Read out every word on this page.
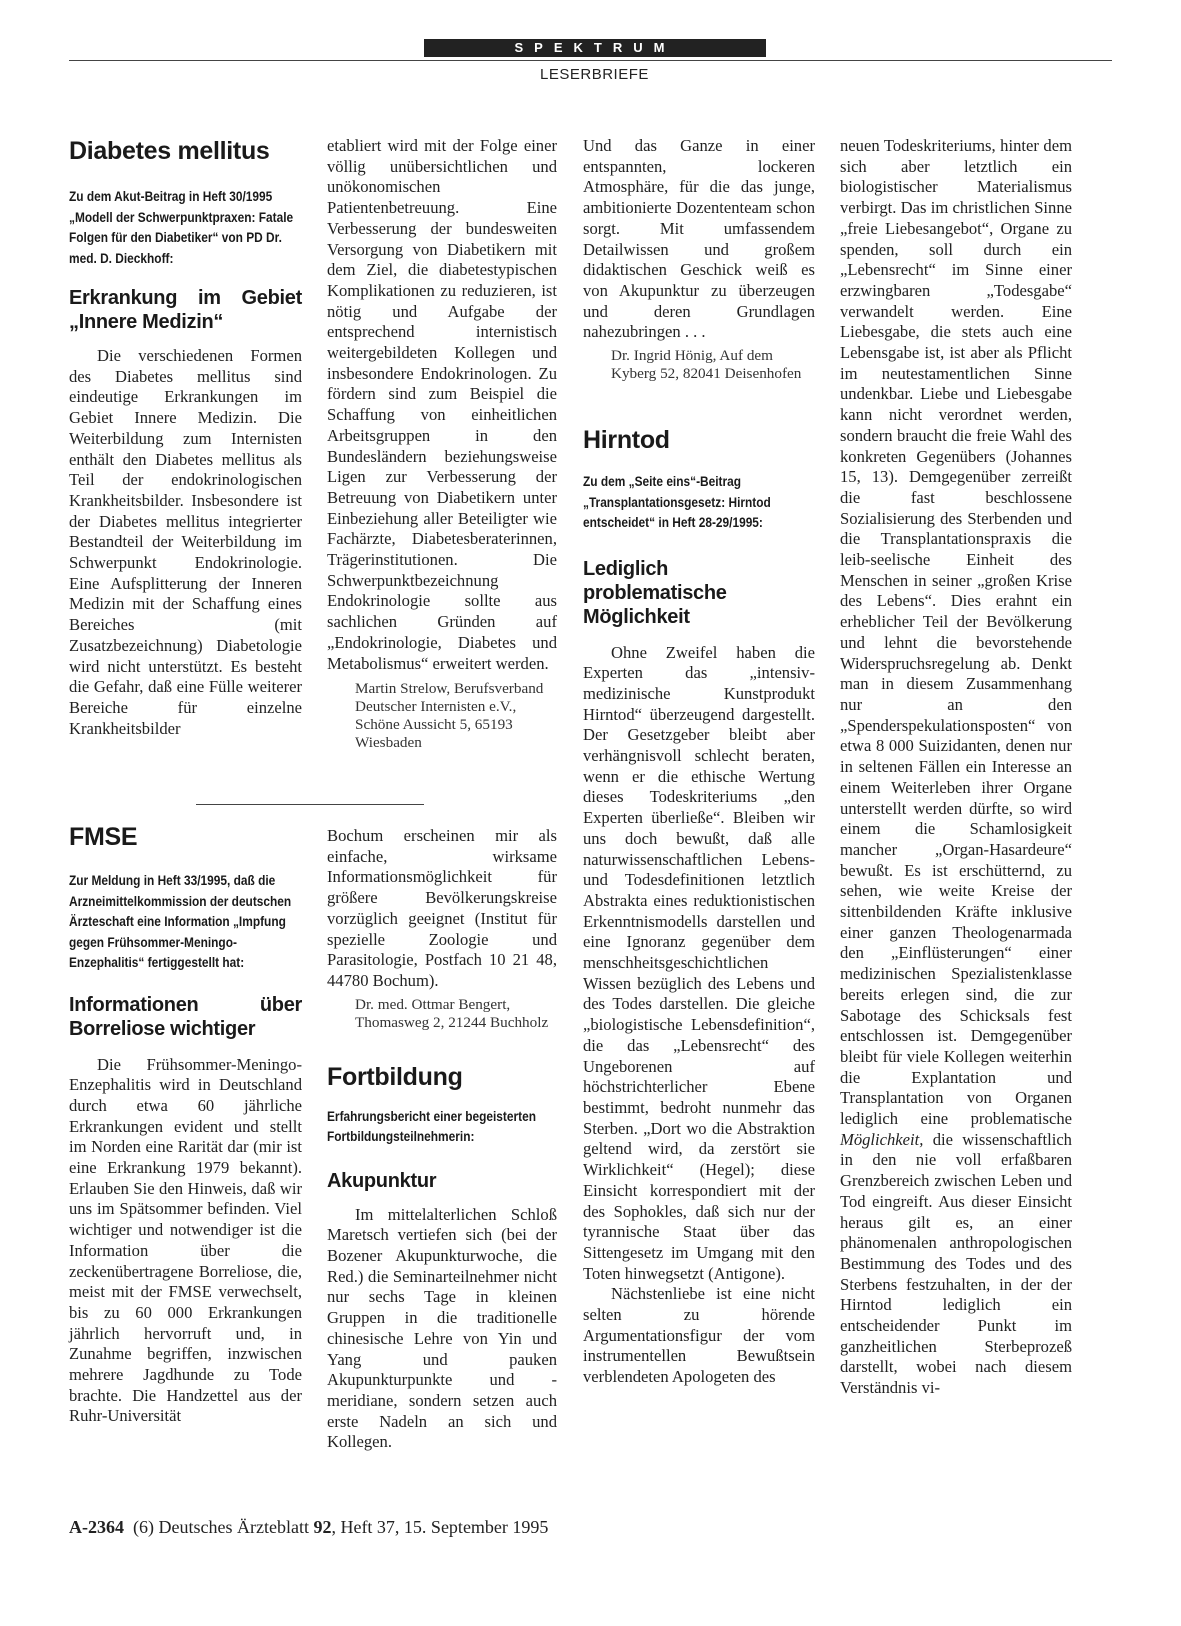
SPEKTRUM
LESERBRIEFE
Diabetes mellitus
Zu dem Akut-Beitrag in Heft 30/1995 „Modell der Schwerpunktpraxen: Fatale Folgen für den Diabetiker“ von PD Dr. med. D. Dieckhoff:
Erkrankung im Gebiet „Innere Medizin“

Die verschiedenen Formen des Diabetes mellitus sind eindeutige Erkrankungen im Gebiet Innere Medizin. Die Weiterbildung zum Internisten enthält den Diabetes mellitus als Teil der endokrinologischen Krankheitsbilder. Insbesondere ist der Diabetes mellitus integrierter Bestandteil der Weiterbildung im Schwerpunkt Endokrinologie. Eine Aufsplitterung der Inneren Medizin mit der Schaffung eines Bereiches (mit Zusatzbezeichnung) Diabetologie wird nicht unterstützt. Es besteht die Gefahr, daß eine Fülle weiterer Bereiche für einzelne Krankheitsbilder

FMSE
Zur Meldung in Heft 33/1995, daß die Arzneimittelkommission der deutschen Ärzteschaft eine Information „Impfung gegen Frühsommer-Meningo-Enzephalitis“ fertiggestellt hat:
Informationen über Borreliose wichtiger

Die Frühsommer-Meningo-Enzephalitis wird in Deutschland durch etwa 60 jährliche Erkrankungen evident und stellt im Norden eine Rarität dar (mir ist eine Erkrankung 1979 bekannt). Erlauben Sie den Hinweis, daß wir uns im Spätsommer befinden. Viel wichtiger und notwendiger ist die Information über die zeckenübertragene Borreliose, die, meist mit der FMSE verwechselt, bis zu 60 000 Erkrankungen jährlich hervorruft und, in Zunahme begriffen, inzwischen mehrere Jagdhunde zu Tode brachte. Die Handzettel aus der Ruhr-Universität

etabliert wird mit der Folge einer völlig unübersichtlichen und unökonomischen Patientenbetreuung. Eine Verbesserung der bundesweiten Versorgung von Diabetikern mit dem Ziel, die diabetestypischen Komplikationen zu reduzieren, ist nötig und Aufgabe der entsprechend internistisch weitergebildeten Kollegen und insbesondere Endokrinologen. Zu fördern sind zum Beispiel die Schaffung von einheitlichen Arbeitsgruppen in den Bundesländern beziehungsweise Ligen zur Verbesserung der Betreuung von Diabetikern unter Einbeziehung aller Beteiligter wie Fachärzte, Diabetesberaterinnen, Trägerinstitutionen. Die Schwerpunktbezeichnung Endokrinologie sollte aus sachlichen Gründen auf „Endokrinologie, Diabetes und Metabolismus“ erweitert werden.

Martin Strelow, Berufsverband Deutscher Internisten e.V., Schöne Aussicht 5, 65193 Wiesbaden

Bochum erscheinen mir als einfache, wirksame Informationsmöglichkeit für größere Bevölkerungskreise vorzüglich geeignet (Institut für spezielle Zoologie und Parasitologie, Postfach 10 21 48, 44780 Bochum).

Dr. med. Ottmar Bengert, Thomasweg 2, 21244 Buchholz
Fortbildung
Erfahrungsbericht einer begeisterten Fortbildungsteilnehmerin:
Akupunktur

Im mittelalterlichen Schloß Maretsch vertiefen sich (bei der Bozener Akupunkturwoche, die Red.) die Seminarteilnehmer nicht nur sechs Tage in kleinen Gruppen in die traditionelle chinesische Lehre von Yin und Yang und pauken Akupunkturpunkte und -meridiane, sondern setzen auch erste Nadeln an sich und Kollegen.

Und das Ganze in einer entspannten, lockeren Atmosphäre, für die das junge, ambitionierte Dozententeam schon sorgt. Mit umfassendem Detailwissen und großem didaktischen Geschick weiß es von Akupunktur zu überzeugen und deren Grundlagen nahezubringen . . .

Dr. Ingrid Hönig, Auf dem Kyberg 52, 82041 Deisenhofen
Hirntod
Zu dem „Seite eins“-Beitrag „Transplantationsgesetz: Hirntod entscheidet“ in Heft 28-29/1995:
Lediglich problematische Möglichkeit

Ohne Zweifel haben die Experten das „intensiv-medizinische Kunstprodukt Hirntod“ überzeugend dargestellt. Der Gesetzgeber bleibt aber verhängnisvoll schlecht beraten, wenn er die ethische Wertung dieses Todeskriteriums „den Experten überließe“. Bleiben wir uns doch bewußt, daß alle naturwissenschaftlichen Lebens- und Todesdefinitionen letztlich Abstrakta eines reduktionistischen Erkenntnismodells darstellen und eine Ignoranz gegenüber dem menschheitsgeschichtlichen Wissen bezüglich des Lebens und des Todes darstellen. Die gleiche „biologistische Lebensdefinition“, die das „Lebensrecht“ des Ungeborenen auf höchstrichterlicher Ebene bestimmt, bedroht nunmehr das Sterben. „Dort wo die Abstraktion geltend wird, da zerstört sie Wirklichkeit“ (Hegel); diese Einsicht korrespondiert mit der des Sophokles, daß sich nur der tyrannische Staat über das Sittengesetz im Umgang mit den Toten hinwegsetzt (Antigone).

Nächstenliebe ist eine nicht selten zu hörende Argumentationsfigur der vom instrumentellen Bewußtsein verblendeten Apologeten des

neuen Todeskriteriums, hinter dem sich aber letztlich ein biologistischer Materialismus verbirgt. Das im christlichen Sinne „freie Liebesangebot“, Organe zu spenden, soll durch ein „Lebensrecht“ im Sinne einer erzwingbaren „Todesgabe“ verwandelt werden. Eine Liebesgabe, die stets auch eine Lebensgabe ist, ist aber als Pflicht im neutestamentlichen Sinne undenkbar. Liebe und Liebesgabe kann nicht verordnet werden, sondern braucht die freie Wahl des konkreten Gegenübers (Johannes 15, 13). Demgegenüber zerreißt die fast beschlossene Sozialisierung des Sterbenden und die Transplantationspraxis die leib-seelische Einheit des Menschen in seiner „großen Krise des Lebens“. Dies erahnt ein erheblicher Teil der Bevölkerung und lehnt die bevorstehende Widerspruchsregelung ab. Denkt man in diesem Zusammenhang nur an den „Spenderspekulationsposten“ von etwa 8 000 Suizidanten, denen nur in seltenen Fällen ein Interesse an einem Weiterleben ihrer Organe unterstellt werden dürfte, so wird einem die Schamlosigkeit mancher „Organ-Hasardeure“ bewußt. Es ist erschütternd, zu sehen, wie weite Kreise der sittenbildenden Kräfte inklusive einer ganzen Theologenarmada den „Einflüsterungen“ einer medizinischen Spezialistenklasse bereits erlegen sind, die zur Sabotage des Schicksals fest entschlossen ist. Demgegenüber bleibt für viele Kollegen weiterhin die Explantation und Transplantation von Organen lediglich eine problematische Möglichkeit, die wissenschaftlich in den nie voll erfaßbaren Grenzbereich zwischen Leben und Tod eingreift. Aus dieser Einsicht heraus gilt es, an einer phänomenalen anthropologischen Bestimmung des Todes und des Sterbens festzuhalten, in der der Hirntod lediglich ein entscheidender Punkt im ganzheitlichen Sterbeprozeß darstellt, wobei nach diesem Verständnis vi-

A-2364 (6) Deutsches Ärzteblatt 92, Heft 37, 15. September 1995
